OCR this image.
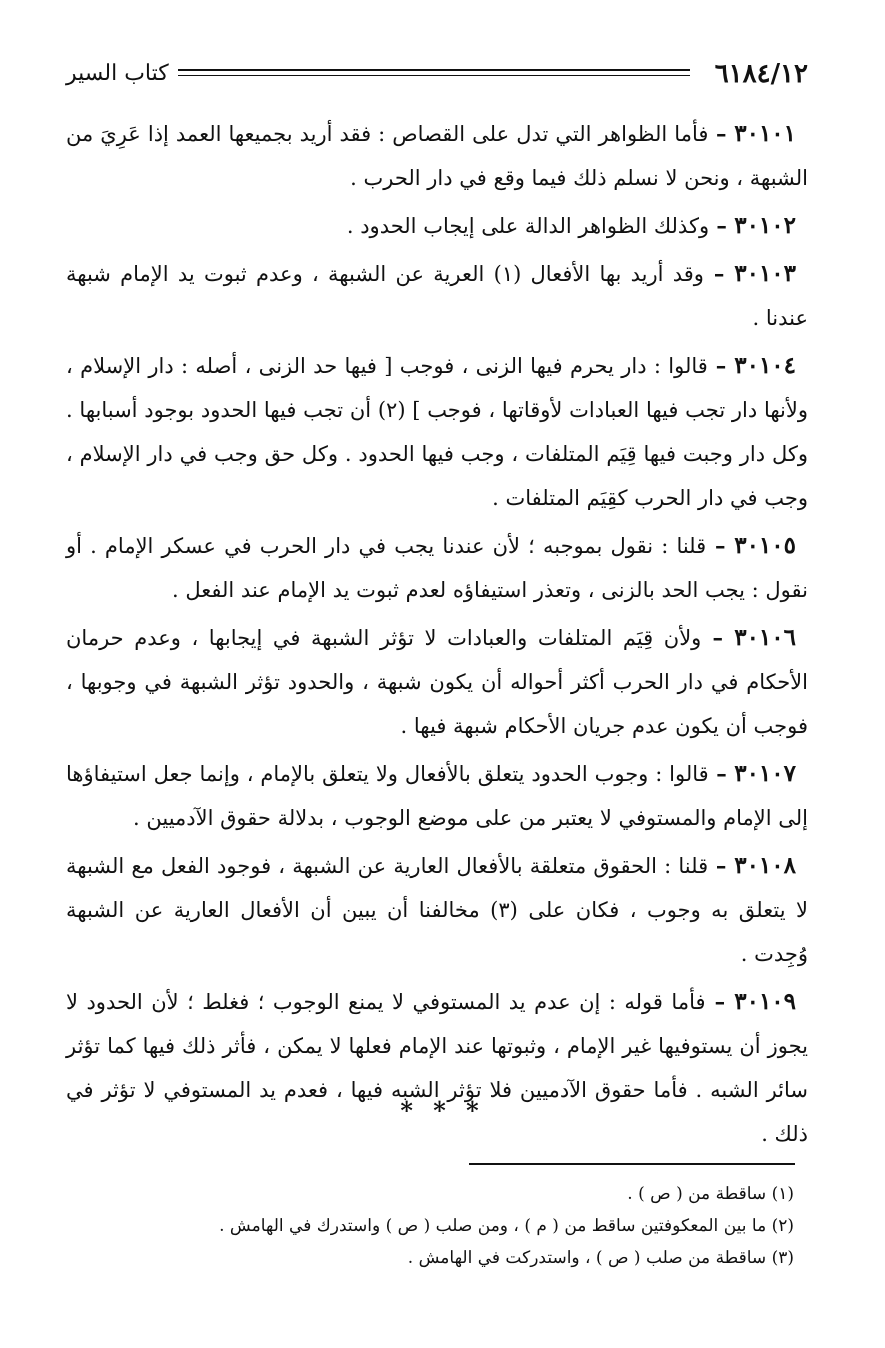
٦١٨٤/١٢
كتاب السير

٣٠١٠١ – فأما الظواهر التي تدل على القصاص : فقد أريد بجميعها العمد إذا عَرِيَ من الشبهة ، ونحن لا نسلم ذلك فيما وقع في دار الحرب .

٣٠١٠٢ – وكذلك الظواهر الدالة على إيجاب الحدود .

٣٠١٠٣ – وقد أريد بها الأفعال (١) العرية عن الشبهة ، وعدم ثبوت يد الإمام شبهة عندنا .

٣٠١٠٤ – قالوا : دار يحرم فيها الزنى ، فوجب [ فيها حد الزنى ، أصله : دار الإسلام ، ولأنها دار تجب فيها العبادات لأوقاتها ، فوجب ] (٢) أن تجب فيها الحدود بوجود أسبابها . وكل دار وجبت فيها قِيَم المتلفات ، وجب فيها الحدود . وكل حق وجب في دار الإسلام ، وجب في دار الحرب كقِيَم المتلفات .

٣٠١٠٥ – قلنا : نقول بموجبه ؛ لأن عندنا يجب في دار الحرب في عسكر الإمام . أو نقول : يجب الحد بالزنى ، وتعذر استيفاؤه لعدم ثبوت يد الإمام عند الفعل .

٣٠١٠٦ – ولأن قِيَم المتلفات والعبادات لا تؤثر الشبهة في إيجابها ، وعدم حرمان الأحكام في دار الحرب أكثر أحواله أن يكون شبهة ، والحدود تؤثر الشبهة في وجوبها ، فوجب أن يكون عدم جريان الأحكام شبهة فيها .

٣٠١٠٧ – قالوا : وجوب الحدود يتعلق بالأفعال ولا يتعلق بالإمام ، وإنما جعل استيفاؤها إلى الإمام والمستوفي لا يعتبر من على موضع الوجوب ، بدلالة حقوق الآدميين .

٣٠١٠٨ – قلنا : الحقوق متعلقة بالأفعال العارية عن الشبهة ، فوجود الفعل مع الشبهة لا يتعلق به وجوب ، فكان على (٣) مخالفنا أن يبين أن الأفعال العارية عن الشبهة وُجِدت .

٣٠١٠٩ – فأما قوله : إن عدم يد المستوفي لا يمنع الوجوب ؛ فغلط ؛ لأن الحدود لا يجوز أن يستوفيها غير الإمام ، وثبوتها عند الإمام فعلها لا يمكن ، فأثر ذلك فيها كما تؤثر سائر الشبه . فأما حقوق الآدميين فلا تؤثر الشبه فيها ، فعدم يد المستوفي لا تؤثر في ذلك .

* * *

(١) ساقطة من ( ص ) .

(٢) ما بين المعكوفتين ساقط من ( م ) ، ومن صلب ( ص ) واستدرك في الهامش .

(٣) ساقطة من صلب ( ص ) ، واستدركت في الهامش .
